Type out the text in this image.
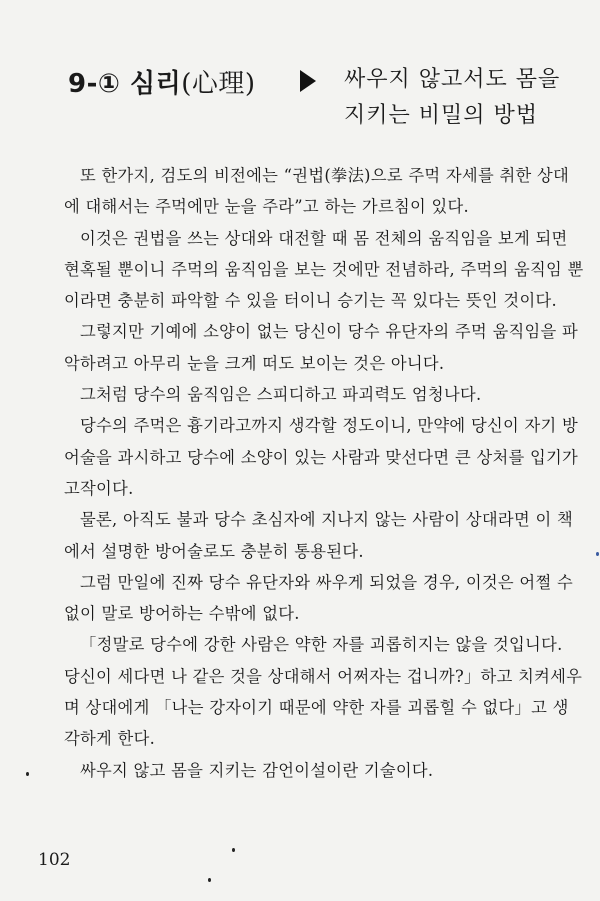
9-① 심리(心理)	싸우지 않고서도 몸을
지키는 비밀의 방법

또 한가지, 검도의 비전에는 “권법(拳法)으로 주먹 자세를 취한 상대에 대해서는 주먹에만 눈을 주라”고 하는 가르침이 있다.

이것은 권법을 쓰는 상대와 대전할 때 몸 전체의 움직임을 보게 되면 현혹될 뿐이니 주먹의 움직임을 보는 것에만 전념하라, 주먹의 움직임 뿐이라면 충분히 파악할 수 있을 터이니 승기는 꼭 있다는 뜻인 것이다.

그렇지만 기예에 소양이 없는 당신이 당수 유단자의 주먹 움직임을 파악하려고 아무리 눈을 크게 떠도 보이는 것은 아니다.

그처럼 당수의 움직임은 스피디하고 파괴력도 엄청나다.

당수의 주먹은 흉기라고까지 생각할 정도이니, 만약에 당신이 자기 방어술을 과시하고 당수에 소양이 있는 사람과 맞선다면 큰 상처를 입기가 고작이다.

물론, 아직도 불과 당수 초심자에 지나지 않는 사람이 상대라면 이 책에서 설명한 방어술로도 충분히 통용된다.

그럼 만일에 진짜 당수 유단자와 싸우게 되었을 경우, 이것은 어쩔 수 없이 말로 방어하는 수밖에 없다.

「정말로 당수에 강한 사람은 약한 자를 괴롭히지는 않을 것입니다. 당신이 세다면 나 같은 것을 상대해서 어쩌자는 겁니까?」하고 치켜세우며 상대에게 「나는 강자이기 때문에 약한 자를 괴롭힐 수 없다」고 생각하게 한다.

싸우지 않고 몸을 지키는 감언이설이란 기술이다.

102
